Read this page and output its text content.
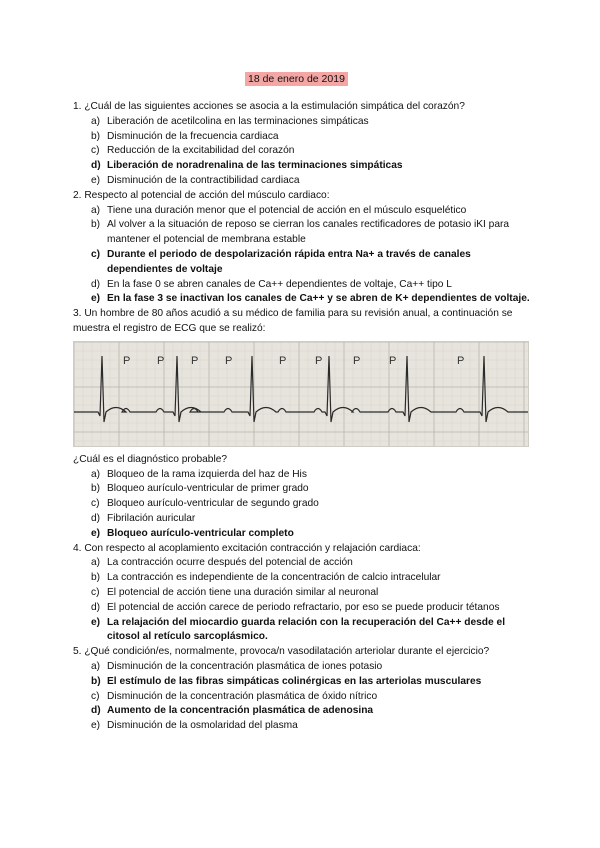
18 de enero de 2019
1. ¿Cuál de las siguientes acciones se asocia a la estimulación simpática del corazón?
a) Liberación de acetilcolina en las terminaciones simpáticas
b) Disminución de la frecuencia cardiaca
c) Reducción de la excitabilidad del corazón
d) Liberación de noradrenalina de las terminaciones simpáticas
e) Disminución de la contractibilidad cardiaca
2. Respecto al potencial de acción del músculo cardiaco:
a) Tiene una duración menor que el potencial de acción en el músculo esquelético
b) Al volver a la situación de reposo se cierran los canales rectificadores de potasio iKI para mantener el potencial de membrana estable
c) Durante el periodo de despolarización rápida entra Na+ a través de canales dependientes de voltaje
d) En la fase 0 se abren canales de Ca++ dependientes de voltaje, Ca++ tipo L
e) En la fase 3 se inactivan los canales de Ca++ y se abren de K+ dependientes de voltaje.
3. Un hombre de 80 años acudió a su médico de familia para su revisión anual, a continuación se muestra el registro de ECG que se realizó:
P P P P	P	P	P	P	P
¿Cuál es el diagnóstico probable?
a) Bloqueo de la rama izquierda del haz de His
b) Bloqueo aurículo-ventricular de primer grado
c) Bloqueo aurículo-ventricular de segundo grado
d) Fibrilación auricular
e) Bloqueo aurículo-ventricular completo
4. Con respecto al acoplamiento excitación contracción y relajación cardiaca:
a) La contracción ocurre después del potencial de acción
b) La contracción es independiente de la concentración de calcio intracelular
c) El potencial de acción tiene una duración similar al neuronal
d) El potencial de acción carece de periodo refractario, por eso se puede producir tétanos
e) La relajación del miocardio guarda relación con la recuperación del Ca++ desde el citosol al retículo sarcoplásmico.
5. ¿Qué condición/es, normalmente, provoca/n vasodilatación arteriolar durante el ejercicio?
a) Disminución de la concentración plasmática de iones potasio
b) El estímulo de las fibras simpáticas colinérgicas en las arteriolas musculares
c) Disminución de la concentración plasmática de óxido nítrico
d) Aumento de la concentración plasmática de adenosina
e) Disminución de la osmolaridad del plasma
